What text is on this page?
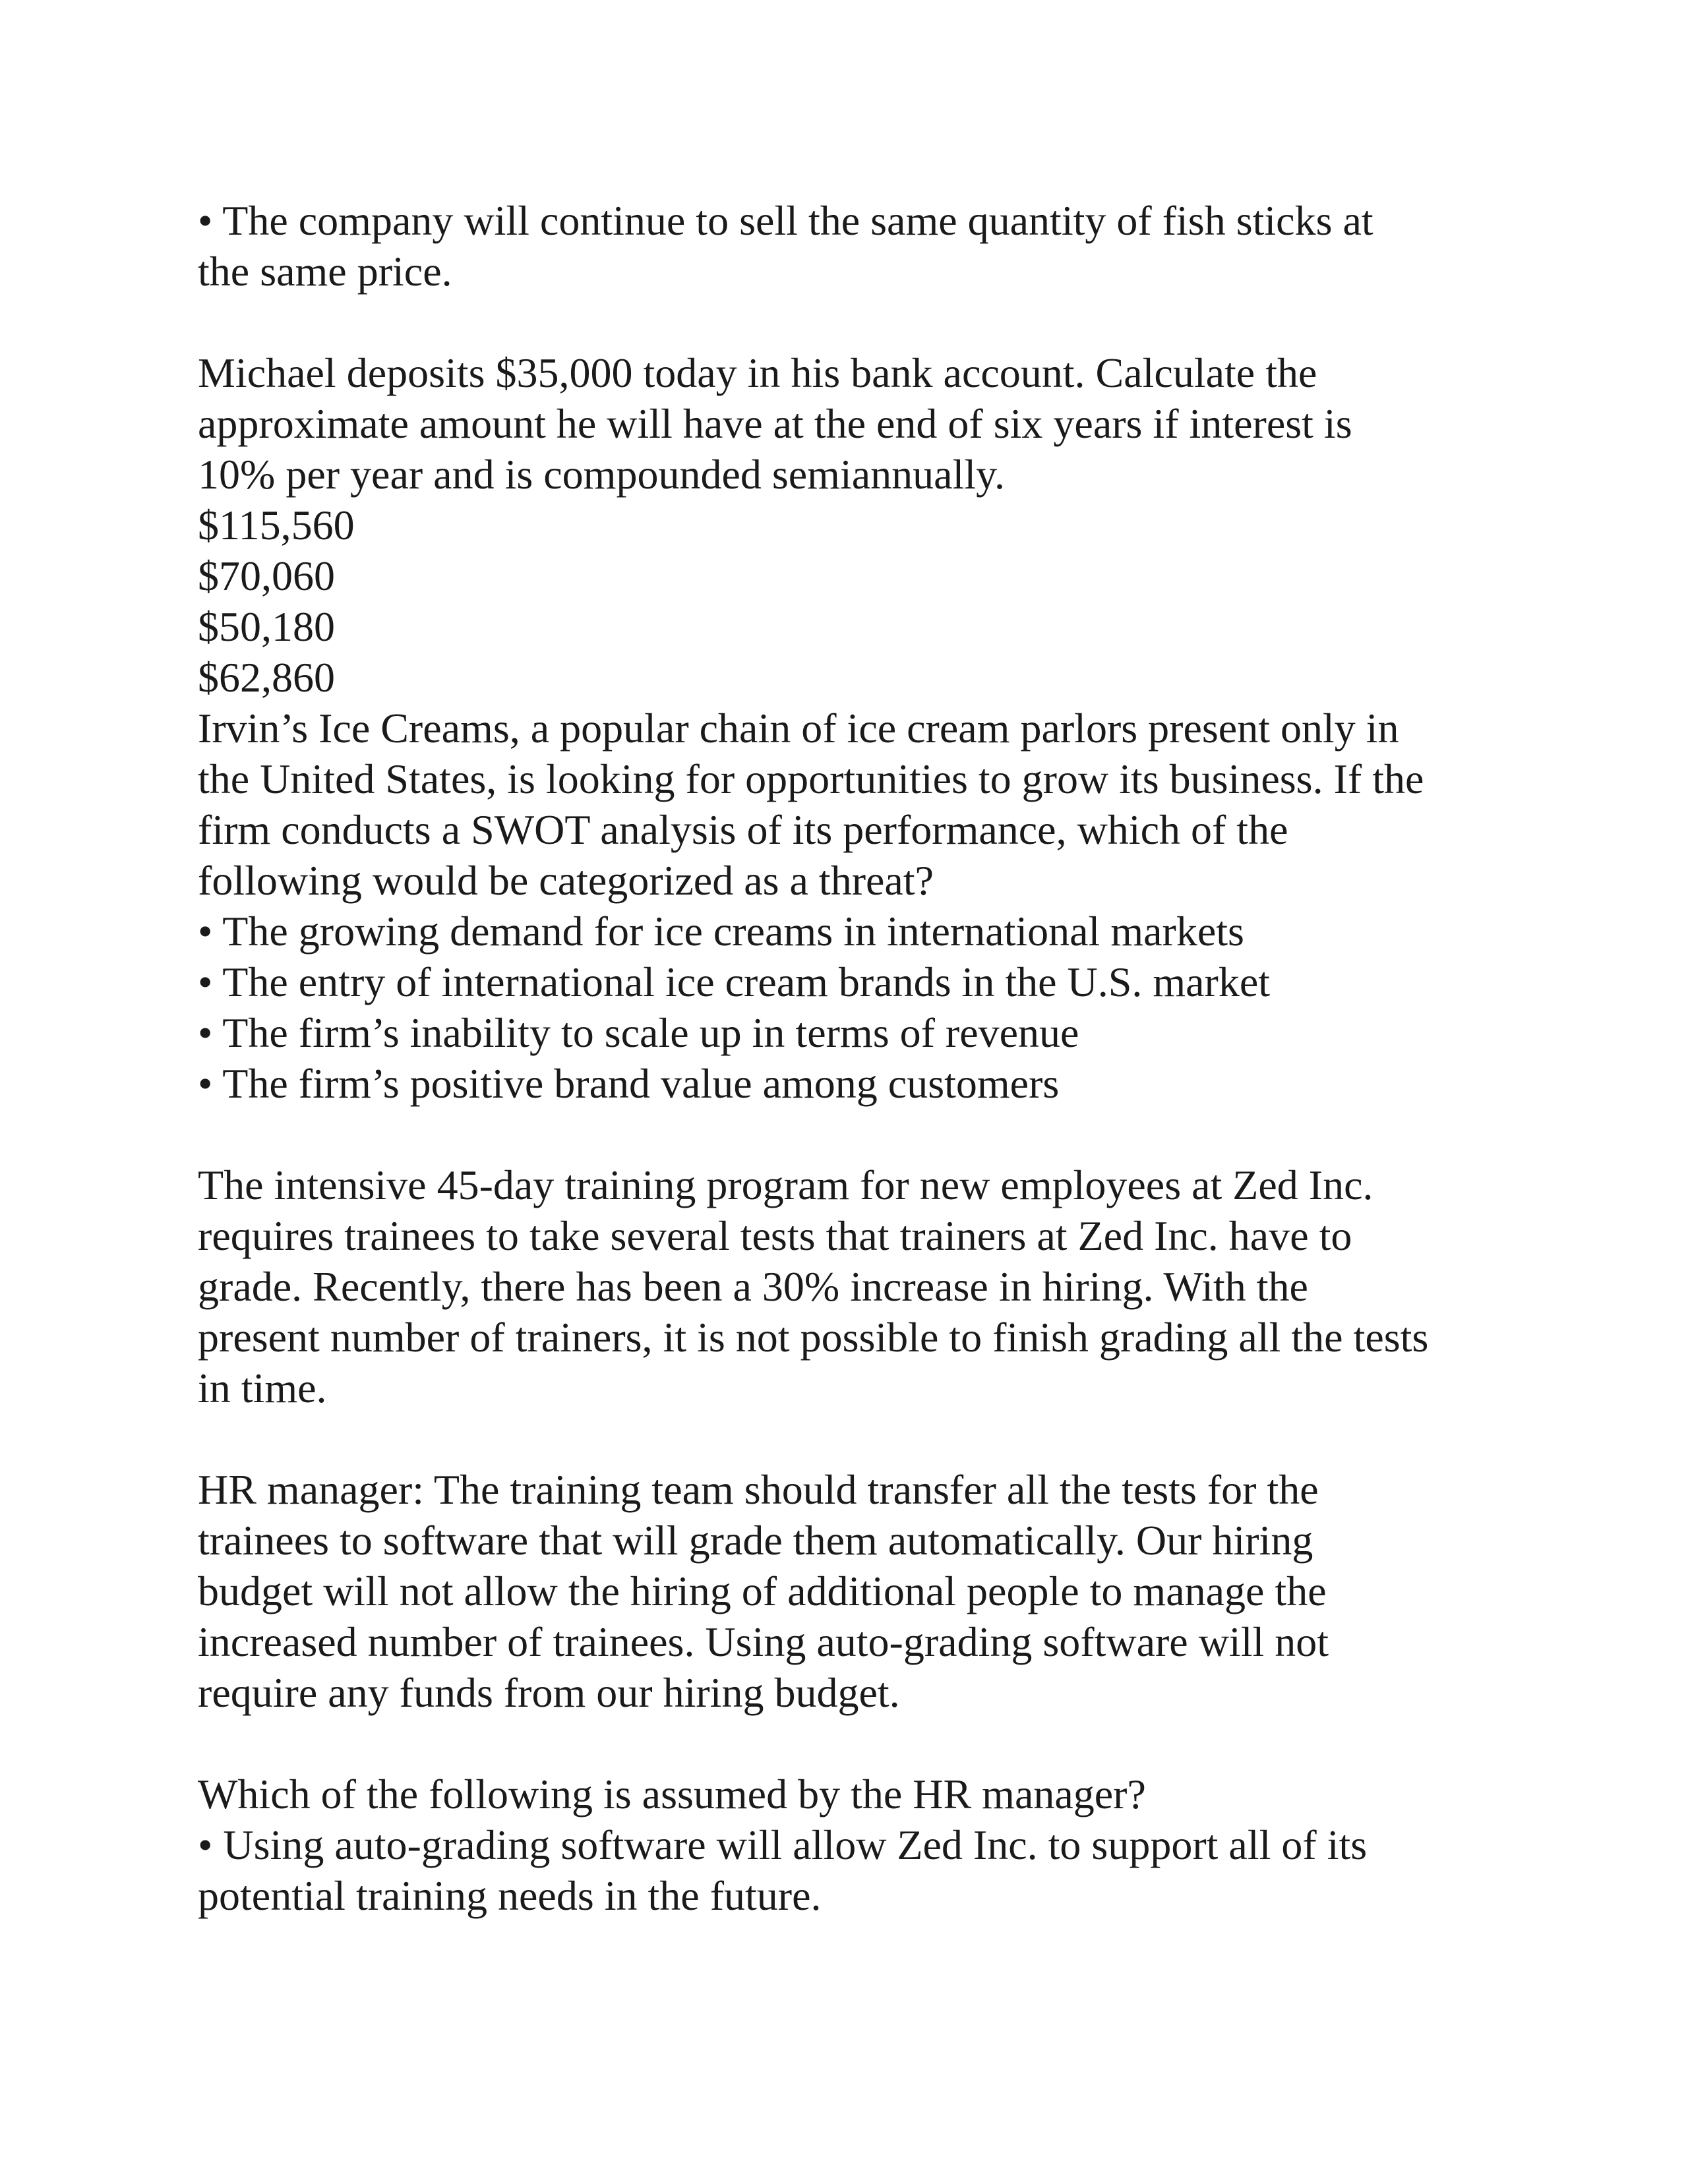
• The company will continue to sell the same quantity of fish sticks at
the same price.
Michael deposits $35,000 today in his bank account. Calculate the
approximate amount he will have at the end of six years if interest is
10% per year and is compounded semiannually.
$115,560
$70,060
$50,180
$62,860
Irvin’s Ice Creams, a popular chain of ice cream parlors present only in
the United States, is looking for opportunities to grow its business. If the
firm conducts a SWOT analysis of its performance, which of the
following would be categorized as a threat?
• The growing demand for ice creams in international markets
• The entry of international ice cream brands in the U.S. market
• The firm’s inability to scale up in terms of revenue
• The firm’s positive brand value among customers
The intensive 45-day training program for new employees at Zed Inc.
requires trainees to take several tests that trainers at Zed Inc. have to
grade. Recently, there has been a 30% increase in hiring. With the
present number of trainers, it is not possible to finish grading all the tests
in time.
HR manager: The training team should transfer all the tests for the
trainees to software that will grade them automatically. Our hiring
budget will not allow the hiring of additional people to manage the
increased number of trainees. Using auto-grading software will not
require any funds from our hiring budget.
Which of the following is assumed by the HR manager?
• Using auto-grading software will allow Zed Inc. to support all of its
potential training needs in the future.
